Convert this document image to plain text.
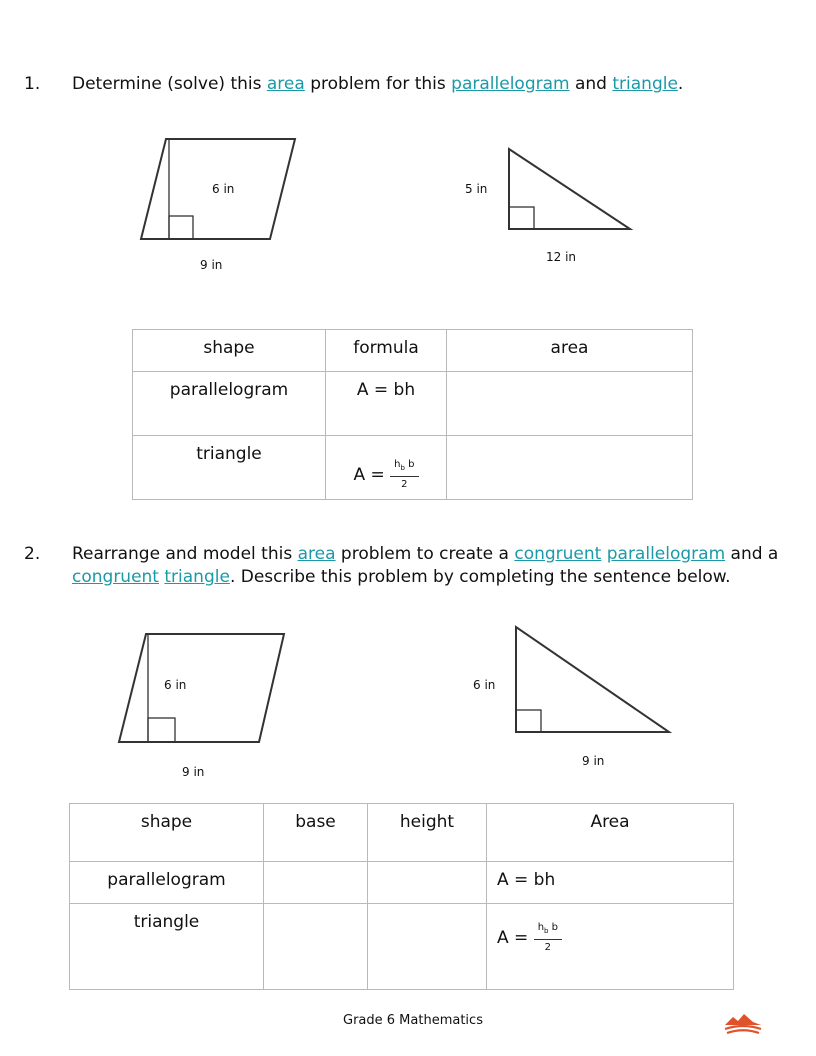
1. Determine (solve) this area problem for this parallelogram and triangle.
6 in
9 in
5 in
12 in
shape	formula	area
parallelogram	A = bh	
triangle	$A = \frac{h_b b}{2}$

2. Rearrange and model this area problem to create a congruent parallelogram and a congruent triangle. Describe this problem by completing the sentence below.
6 in
9 in
6 in
9 in
shape	base	height	Area
parallelogram			A = bh
triangle			$A = \frac{h_b b}{2}$
Grade 6 Mathematics
